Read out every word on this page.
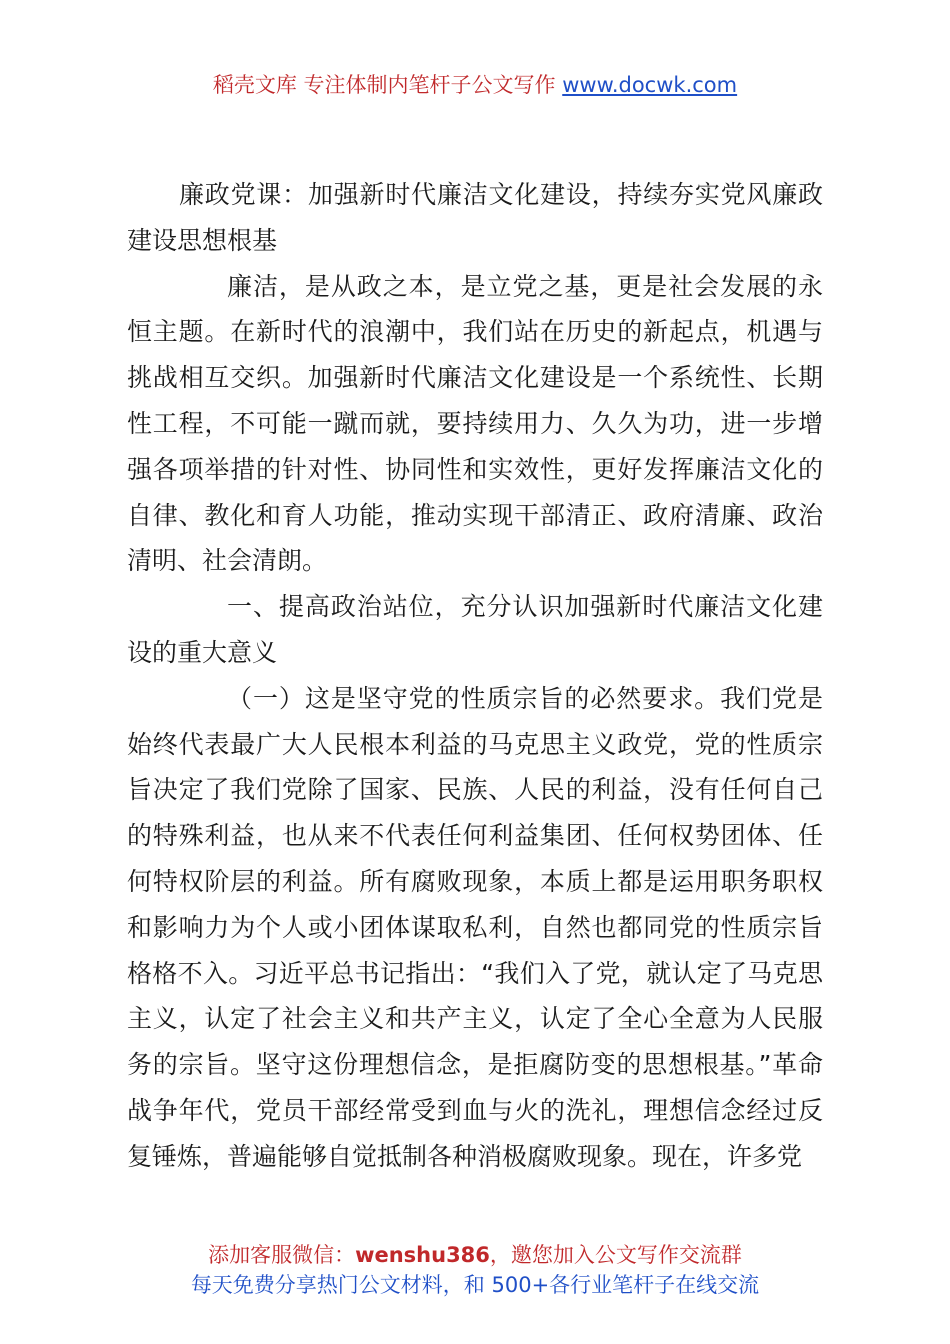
稻壳文库 专注体制内笔杆子公文写作 www.docwk.com

廉政党课：加强新时代廉洁文化建设，持续夯实党风廉政建设思想根基

廉洁，是从政之本，是立党之基，更是社会发展的永恒主题。在新时代的浪潮中，我们站在历史的新起点，机遇与挑战相互交织。加强新时代廉洁文化建设是一个系统性、长期性工程，不可能一蹴而就，要持续用力、久久为功，进一步增强各项举措的针对性、协同性和实效性，更好发挥廉洁文化的自律、教化和育人功能，推动实现干部清正、政府清廉、政治清明、社会清朗。

一、提高政治站位，充分认识加强新时代廉洁文化建设的重大意义

（一）这是坚守党的性质宗旨的必然要求。我们党是始终代表最广大人民根本利益的马克思主义政党，党的性质宗旨决定了我们党除了国家、民族、人民的利益，没有任何自己的特殊利益，也从来不代表任何利益集团、任何权势团体、任何特权阶层的利益。所有腐败现象，本质上都是运用职务职权和影响力为个人或小团体谋取私利，自然也都同党的性质宗旨格格不入。习近平总书记指出：“我们入了党，就认定了马克思主义，认定了社会主义和共产主义，认定了全心全意为人民服务的宗旨。坚守这份理想信念，是拒腐防变的思想根基。”革命战争年代，党员干部经常受到血与火的洗礼，理想信念经过反复锤炼，普遍能够自觉抵制各种消极腐败现象。现在，许多党

添加客服微信：wenshu386，邀您加入公文写作交流群
每天免费分享热门公文材料，和 500+各行业笔杆子在线交流
